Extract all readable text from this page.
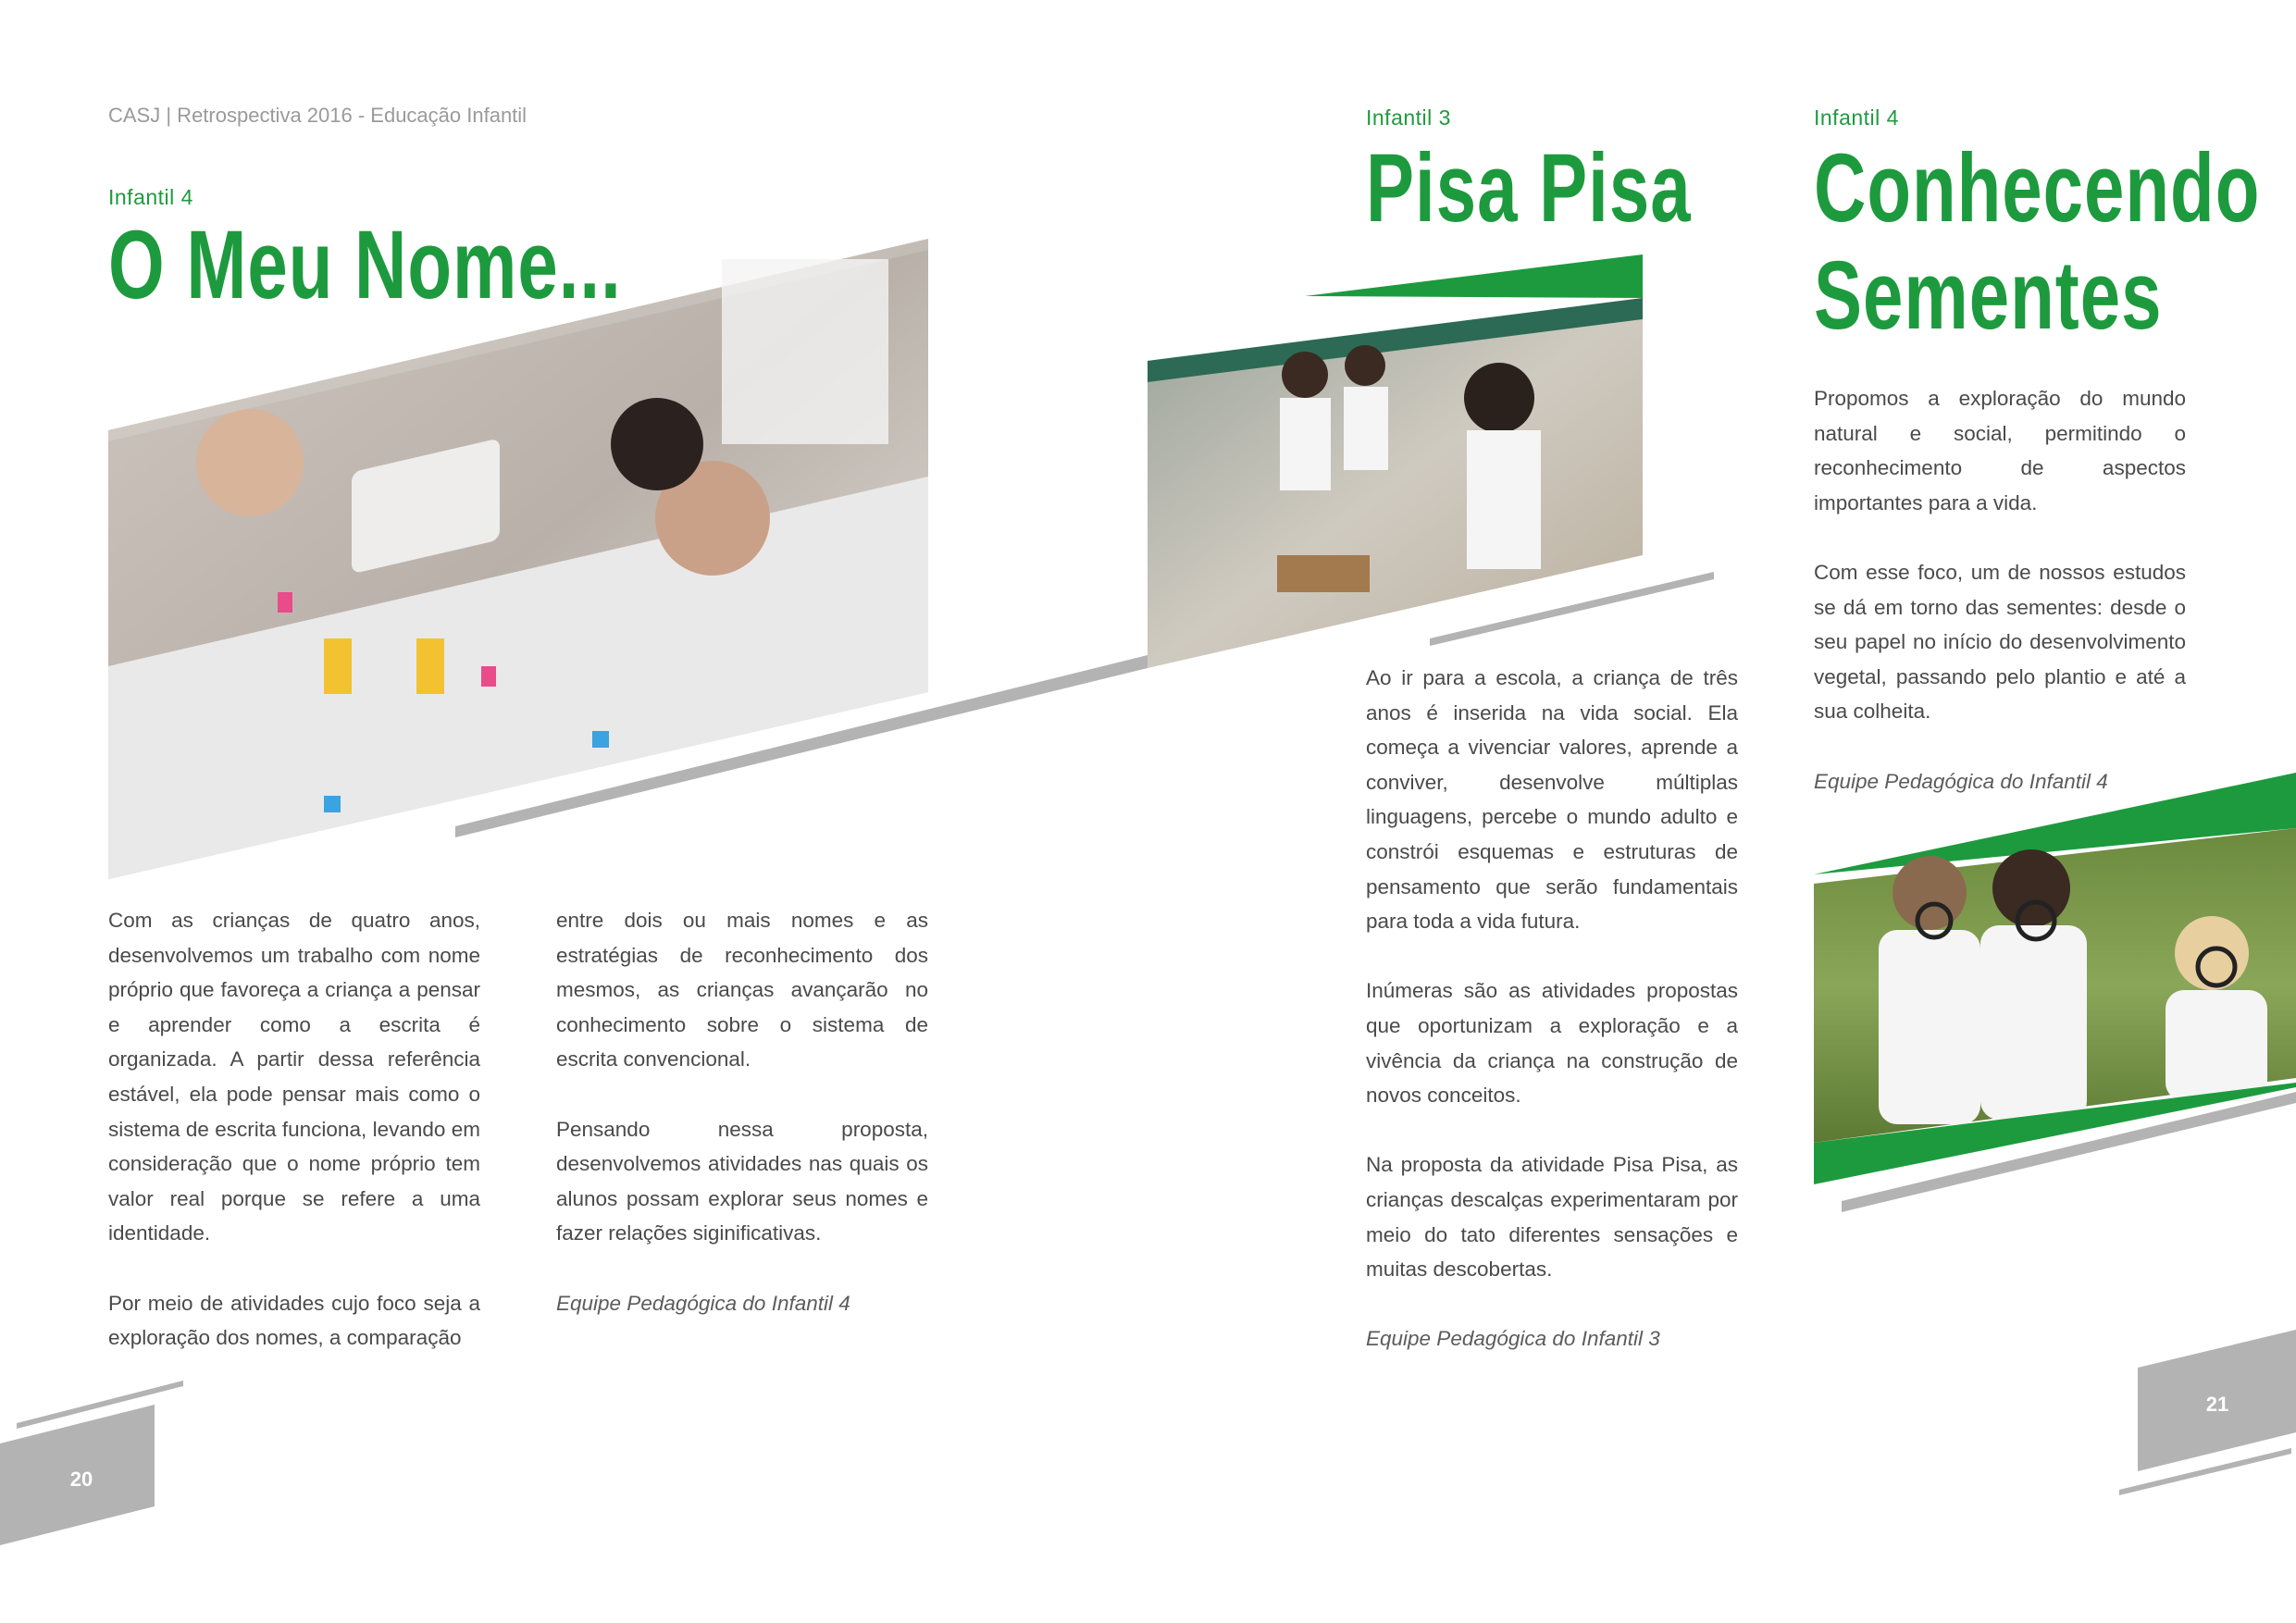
CASJ | Retrospectiva 2016 - Educação Infantil
Infantil 4
O Meu Nome...

Com as crianças de quatro anos, desenvolvemos um trabalho com nome próprio que favoreça a criança a pensar e aprender como a escrita é organizada. A partir dessa referência estável, ela pode pensar mais como o sistema de escrita funciona, levando em consideração que o nome próprio tem valor real porque se refere a uma identidade.

Por meio de atividades cujo foco seja a exploração dos nomes, a comparação

entre dois ou mais nomes e as estratégias de reconhecimento dos mesmos, as crianças avançarão no conhecimento sobre o sistema de escrita convencional.

Pensando nessa proposta, desenvolvemos atividades nas quais os alunos possam explorar seus nomes e fazer relações siginificativas.

Equipe Pedagógica do Infantil 4

20
Infantil 3
Pisa Pisa

Ao ir para a escola, a criança de três anos é inserida na vida social. Ela começa a vivenciar valores, aprende a conviver, desenvolve múltiplas linguagens, percebe o mundo adulto e constrói esquemas e estruturas de pensamento que serão fundamentais para toda a vida futura.

Inúmeras são as atividades propostas que oportunizam a exploração e a vivência da criança na construção de novos conceitos.

Na proposta da atividade Pisa Pisa, as crianças descalças experimentaram por meio do tato diferentes sensações e muitas descobertas.

Equipe Pedagógica do Infantil 3

Infantil 4
Conhecendo
Sementes

Propomos a exploração do mundo natural e social, permitindo o reconhecimento de aspectos importantes para a vida.

Com esse foco, um de nossos estudos se dá em torno das sementes: desde o seu papel no início do desenvolvimento vegetal, passando pelo plantio e até a sua colheita.

Equipe Pedagógica do Infantil 4

21
